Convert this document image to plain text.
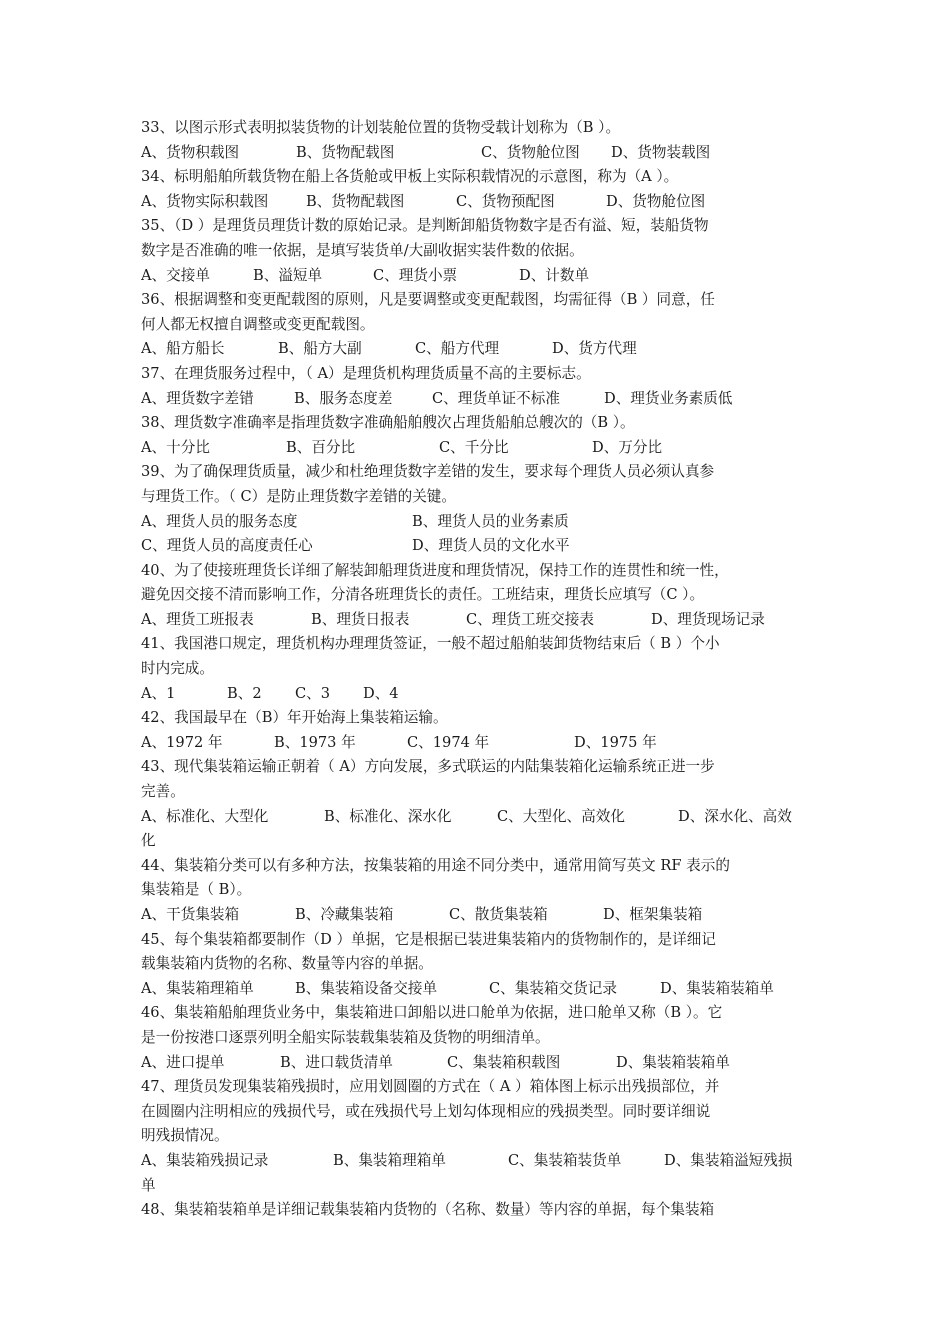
33、以图示形式表明拟装货物的计划装舱位置的货物受载计划称为（B ）。
A、货物积载图	B、货物配载图	C、货物舱位图 D、货物装载图
34、标明船舶所载货物在船上各货舱或甲板上实际积载情况的示意图，称为（A ）。
A、货物实际积载图	B、货物配载图	C、货物预配图	D、货物舱位图
35、（D ）是理货员理货计数的原始记录。是判断卸船货物数字是否有溢、短，装船货物
数字是否准确的唯一依据，是填写装货单/大副收据实装件数的依据。
A、交接单	B、溢短单	C、理货小票	D、计数单
36、根据调整和变更配载图的原则，凡是要调整或变更配载图，均需征得（B ）同意，任
何人都无权擅自调整或变更配载图。
A、船方船长	B、船方大副	C、船方代理	D、货方代理
37、在理货服务过程中，（ A）是理货机构理货质量不高的主要标志。
A、理货数字差错	B、服务态度差	C、理货单证不标准	D、理货业务素质低
38、理货数字准确率是指理货数字准确船舶艘次占理货船舶总艘次的（B ）。
A、十分比	B、百分比	C、千分比	D、万分比
39、为了确保理货质量，减少和杜绝理货数字差错的发生，要求每个理货人员必须认真参
与理货工作。（ C）是防止理货数字差错的关键。
A、理货人员的服务态度	B、理货人员的业务素质
C、理货人员的高度责任心	D、理货人员的文化水平
40、为了使接班理货长详细了解装卸船理货进度和理货情况，保持工作的连贯性和统一性，
避免因交接不清而影响工作，分清各班理货长的责任。工班结束，理货长应填写（C ）。
A、理货工班报表	B、理货日报表	C、理货工班交接表	D、理货现场记录
41、我国港口规定，理货机构办理理货签证，一般不超过船舶装卸货物结束后（ B ）个小
时内完成。
A、1	B、2 C、3 D、4
42、我国最早在（B）年开始海上集装箱运输。
A、1972 年	B、1973 年	C、1974 年	D、1975 年
43、现代集装箱运输正朝着（ A）方向发展，多式联运的内陆集装箱化运输系统正进一步
完善。
A、标准化、大型化	B、标准化、深水化	C、大型化、高效化	D、深水化、高效
化
44、集装箱分类可以有多种方法，按集装箱的用途不同分类中，通常用简写英文 RF 表示的
集装箱是（ B）。
A、干货集装箱	B、冷藏集装箱	C、散货集装箱	D、框架集装箱
45、每个集装箱都要制作（D ）单据，它是根据已装进集装箱内的货物制作的，是详细记
载集装箱内货物的名称、数量等内容的单据。
A、集装箱理箱单	B、集装箱设备交接单	C、集装箱交货记录	D、集装箱装箱单
46、集装箱船舶理货业务中，集装箱进口卸船以进口舱单为依据，进口舱单又称（B ）。它
是一份按港口逐票列明全船实际装载集装箱及货物的明细清单。
A、进口提单	B、进口载货清单	C、集装箱积载图	D、集装箱装箱单
47、理货员发现集装箱残损时，应用划圆圈的方式在（ A ）箱体图上标示出残损部位，并
在圆圈内注明相应的残损代号，或在残损代号上划勾体现相应的残损类型。同时要详细说
明残损情况。
A、集装箱残损记录	B、集装箱理箱单	C、集装箱装货单	D、集装箱溢短残损
单
48、集装箱装箱单是详细记载集装箱内货物的（名称、数量）等内容的单据，每个集装箱
